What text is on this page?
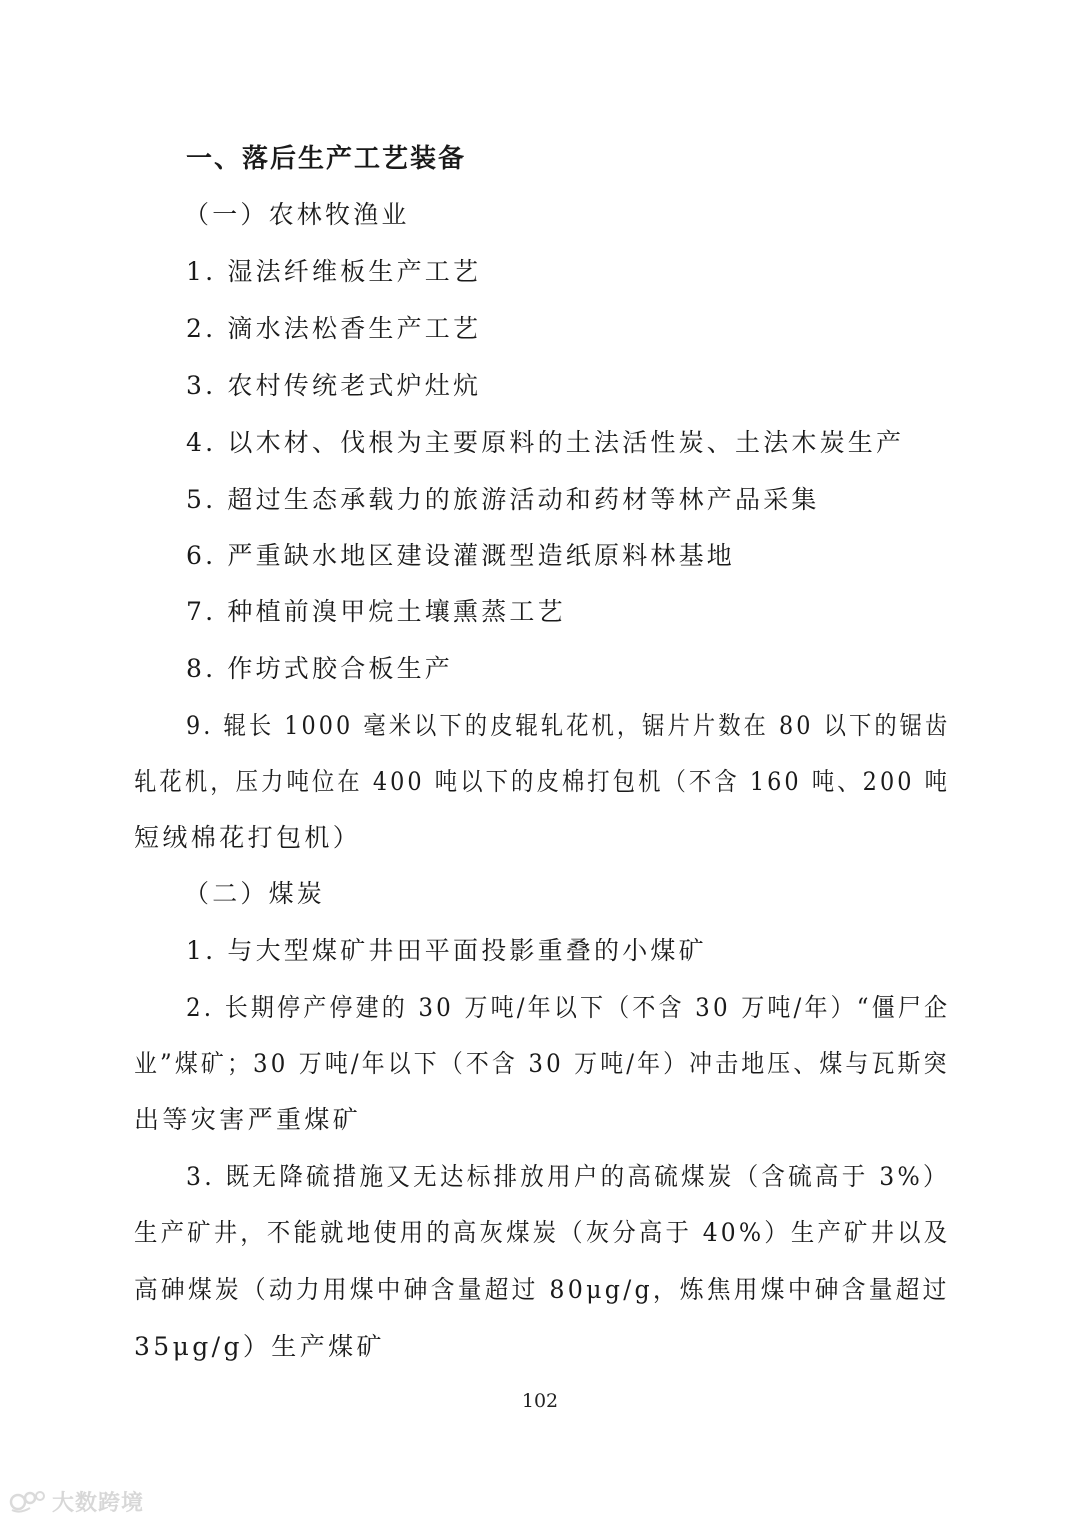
一、落后生产工艺装备
（一）农林牧渔业
1. 湿法纤维板生产工艺
2. 滴水法松香生产工艺
3. 农村传统老式炉灶炕
4. 以木材、伐根为主要原料的土法活性炭、土法木炭生产
5. 超过生态承载力的旅游活动和药材等林产品采集
6. 严重缺水地区建设灌溉型造纸原料林基地
7. 种植前溴甲烷土壤熏蒸工艺
8. 作坊式胶合板生产
9. 辊长 1000 毫米以下的皮辊轧花机，锯片片数在 80 以下的锯齿
轧花机，压力吨位在 400 吨以下的皮棉打包机（不含 160 吨、200 吨
短绒棉花打包机）
（二）煤炭
1. 与大型煤矿井田平面投影重叠的小煤矿
2. 长期停产停建的 30 万吨/年以下（不含 30 万吨/年）“僵尸企
业”煤矿；30 万吨/年以下（不含 30 万吨/年）冲击地压、煤与瓦斯突
出等灾害严重煤矿
3. 既无降硫措施又无达标排放用户的高硫煤炭（含硫高于 3%）
生产矿井，不能就地使用的高灰煤炭（灰分高于 40%）生产矿井以及
高砷煤炭（动力用煤中砷含量超过 80μg/g，炼焦用煤中砷含量超过
35μg/g）生产煤矿
102
大数跨境
